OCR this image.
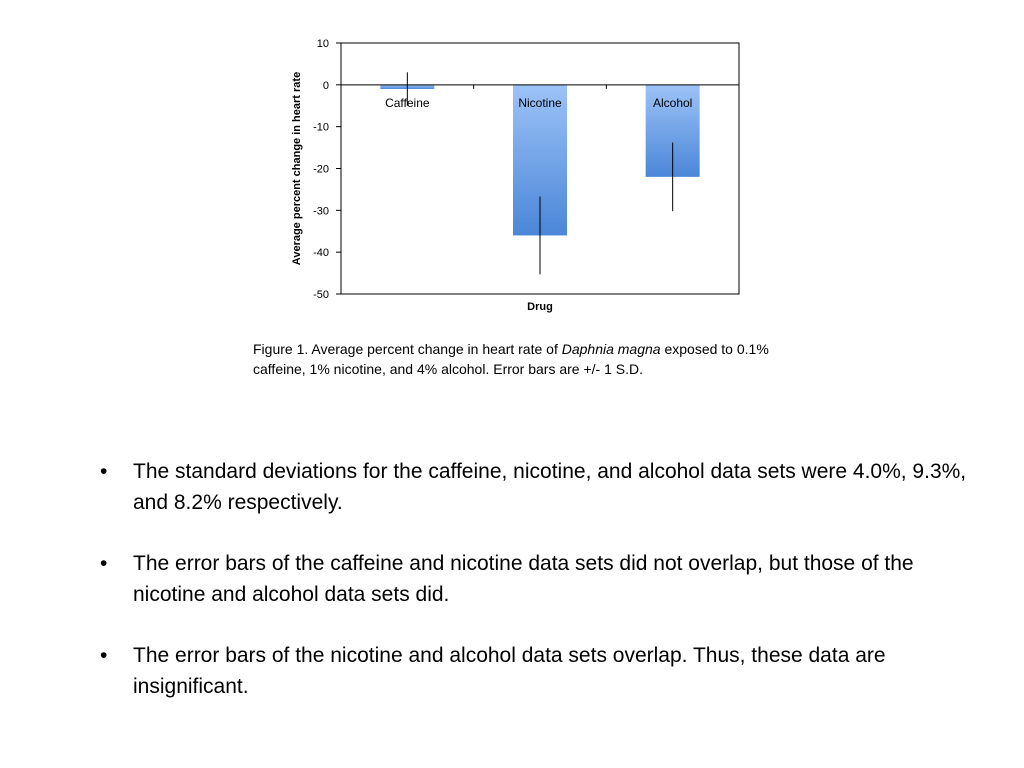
10
0
-10
-20
-30
-40
-50
Caffeine	Nicotine	Alcohol
Drug
Average percent change in heart rate
Figure 1. Average percent change in heart rate of Daphnia magna exposed to 0.1% caffeine, 1% nicotine, and 4% alcohol. Error bars are +/- 1 S.D.
• The standard deviations for the caffeine, nicotine, and alcohol data sets were 4.0%, 9.3%, and 8.2% respectively.
• The error bars of the caffeine and nicotine data sets did not overlap, but those of the nicotine and alcohol data sets did.
• The error bars of the nicotine and alcohol data sets overlap. Thus, these data are insignificant.
